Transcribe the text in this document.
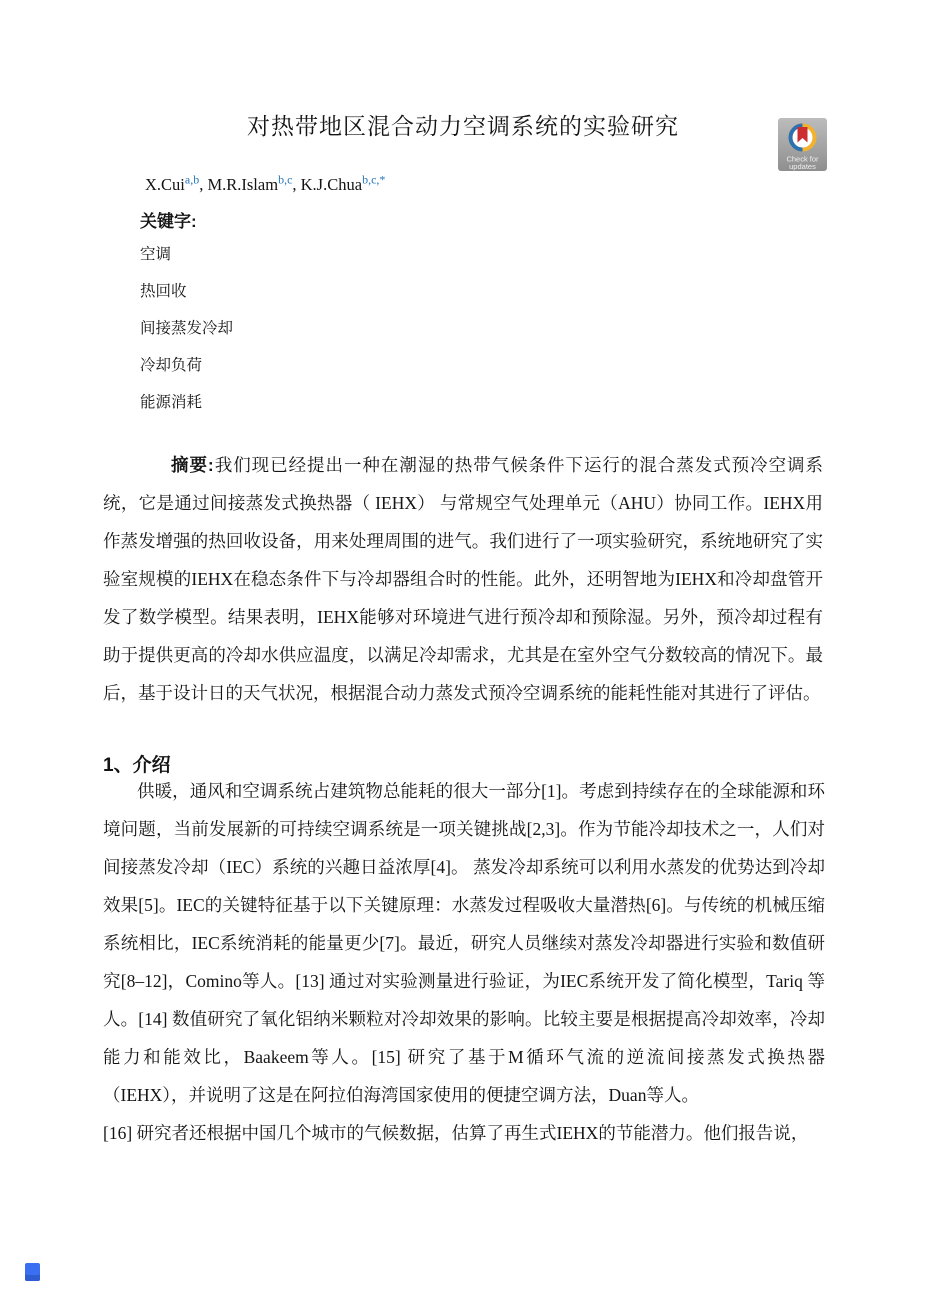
Check for
updates
对热带地区混合动力空调系统的实验研究
X.Cui$^{a,b}$, M.R.Islam$^{b,c}$, K.J.Chua$^{b,c,*}$
关键字:
空调
热回收
间接蒸发冷却
冷却负荷
能源消耗

摘要:我们现已经提出一种在潮湿的热带气候条件下运行的混合蒸发式预冷空调系统，它是通过间接蒸发式换热器（ IEHX） 与常规空气处理单元（AHU）协同工作。IEHX用作蒸发增强的热回收设备，用来处理周围的进气。我们进行了一项实验研究，系统地研究了实验室规模的IEHX在稳态条件下与冷却器组合时的性能。此外，还明智地为IEHX和冷却盘管开发了数学模型。结果表明，IEHX能够对环境进气进行预冷却和预除湿。另外，预冷却过程有助于提供更高的冷却水供应温度，以满足冷却需求，尤其是在室外空气分数较高的情况下。最后，基于设计日的天气状况，根据混合动力蒸发式预冷空调系统的能耗性能对其进行了评估。

1、介绍

供暖，通风和空调系统占建筑物总能耗的很大一部分[1]。考虑到持续存在的全球能源和环境问题，当前发展新的可持续空调系统是一项关键挑战[2,3]。作为节能冷却技术之一，人们对间接蒸发冷却（IEC）系统的兴趣日益浓厚[4]。 蒸发冷却系统可以利用水蒸发的优势达到冷却效果[5]。IEC的关键特征基于以下关键原理：水蒸发过程吸收大量潜热[6]。与传统的机械压缩系统相比，IEC系统消耗的能量更少[7]。最近，研究人员继续对蒸发冷却器进行实验和数值研究[8–12]，Comino等人。[13] 通过对实验测量进行验证，为IEC系统开发了简化模型，Tariq 等人。[14] 数值研究了氧化铝纳米颗粒对冷却效果的影响。比较主要是根据提高冷却效率，冷却能力和能效比，Baakeem等人。[15] 研究了基于M循环气流的逆流间接蒸发式换热器（IEHX），并说明了这是在阿拉伯海湾国家使用的便捷空调方法，Duan等人。

[16] 研究者还根据中国几个城市的气候数据，估算了再生式IEHX的节能潜力。他们报告说，
